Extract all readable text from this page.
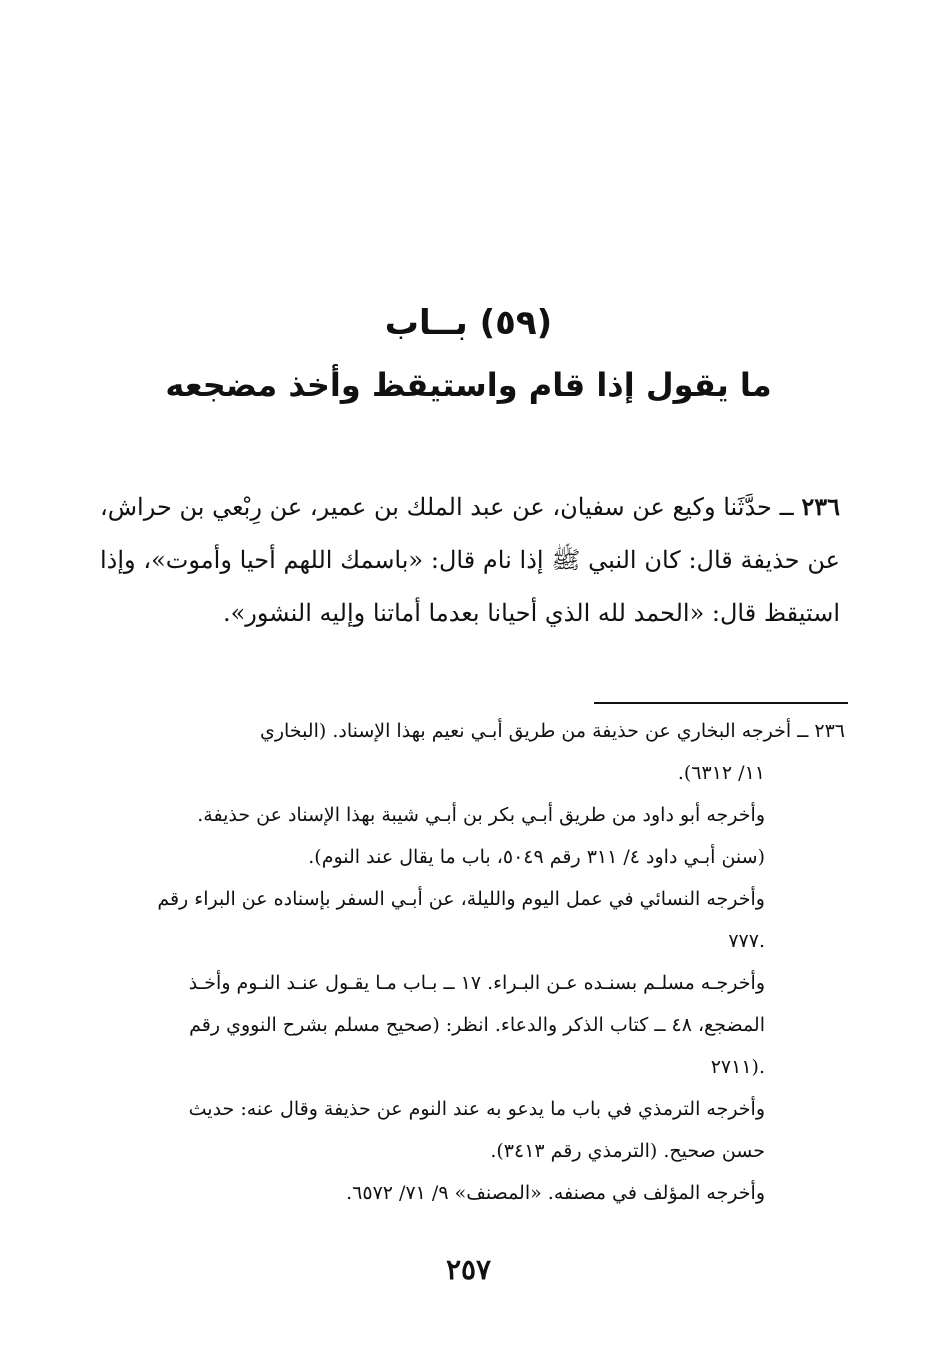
(٥٩) بــاب
ما يقول إذا قام واستيقظ وأخذ مضجعه
٢٣٦ ــ حدَّثَنا وكيع عن سفيان، عن عبد الملك بن عمير، عن رِبْعي بن حراش، عن حذيفة قال: كان النبي ﷺ إذا نام قال: «باسمك اللهم أحيا وأموت»، وإذا استيقظ قال: «الحمد لله الذي أحيانا بعدما أماتنا وإليه النشور».
٢٣٦ ــ أخرجه البخاري عن حذيفة من طريق أبـي نعيم بهذا الإسناد. (البخاري
١١/ ٦٣١٢).
وأخرجه أبو داود من طريق أبـي بكر بن أبـي شيبة بهذا الإسناد عن حذيفة.
(سنن أبـي داود ٤/ ٣١١ رقم ٥٠٤٩، باب ما يقال عند النوم).
وأخرجه النسائي في عمل اليوم والليلة، عن أبـي السفر بإسناده عن البراء رقم
.٧٧٧
وأخرجـه مسلـم بسنـده عـن البـراء. ١٧ ــ بـاب مـا يقـول عنـد النـوم وأخـذ
المضجع، ٤٨ ــ كتاب الذكر والدعاء. انظر: (صحيح مسلم بشرح النووي رقم
.(٢٧١١
وأخرجه الترمذي في باب ما يدعو به عند النوم عن حذيفة وقال عنه: حديث
حسن صحيح. (الترمذي رقم ٣٤١٣).
وأخرجه المؤلف في مصنفه. «المصنف» ٩/ ٧١/ ٦٥٧٢.
٢٥٧
